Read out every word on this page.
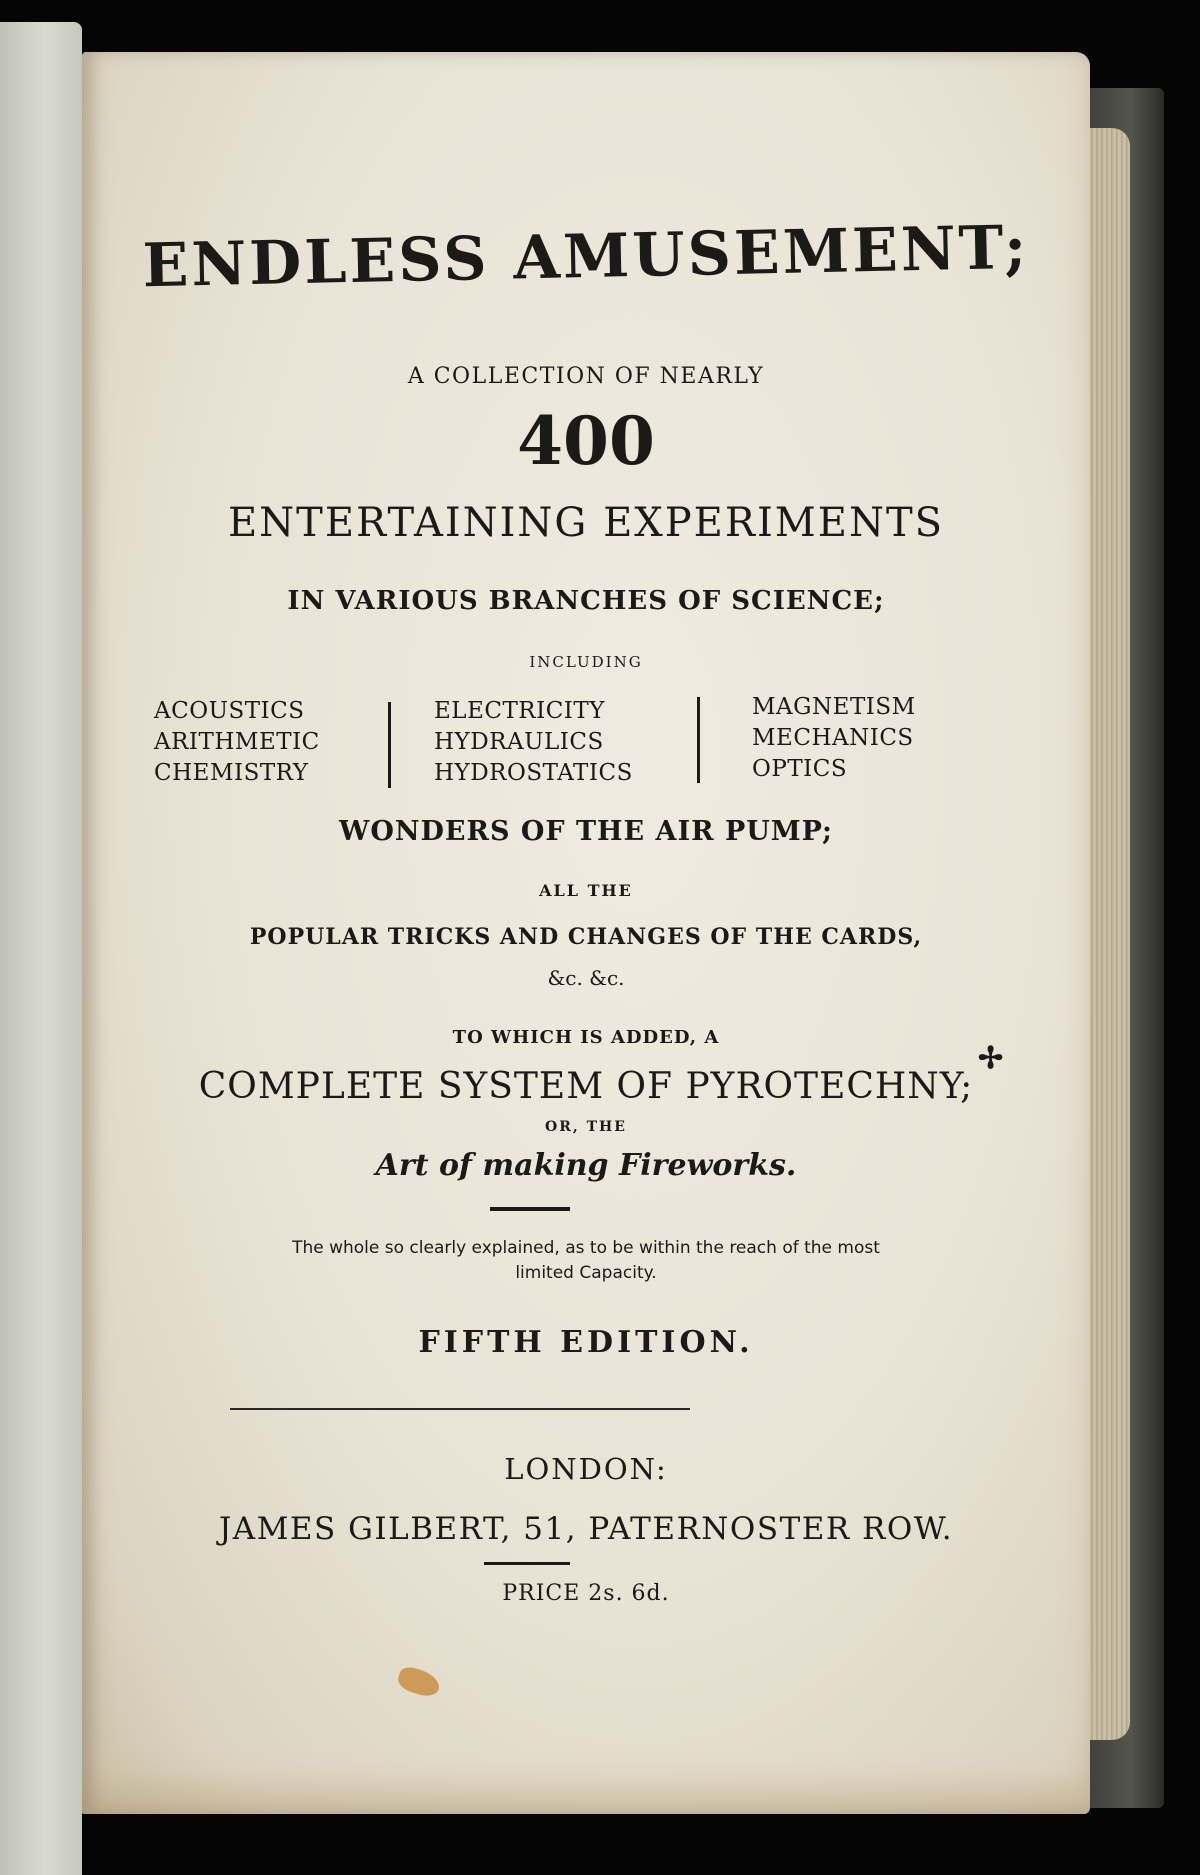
ENDLESS AMUSEMENT;
A COLLECTION OF NEARLY
400
ENTERTAINING EXPERIMENTS
IN VARIOUS BRANCHES OF SCIENCE;
INCLUDING
ACOUSTICS
ARITHMETIC
CHEMISTRY
ELECTRICITY
HYDRAULICS
HYDROSTATICS
MAGNETISM
MECHANICS
OPTICS
WONDERS OF THE AIR PUMP;
ALL THE
POPULAR TRICKS AND CHANGES OF THE CARDS,
&c. &c.
TO WHICH IS ADDED, A
COMPLETE SYSTEM OF PYROTECHNY;
OR, THE
Art of making Fireworks.
The whole so clearly explained, as to be within the reach of the most
limited Capacity.
FIFTH EDITION.
LONDON:
JAMES GILBERT, 51, PATERNOSTER ROW.
PRICE 2s. 6d.
✢
